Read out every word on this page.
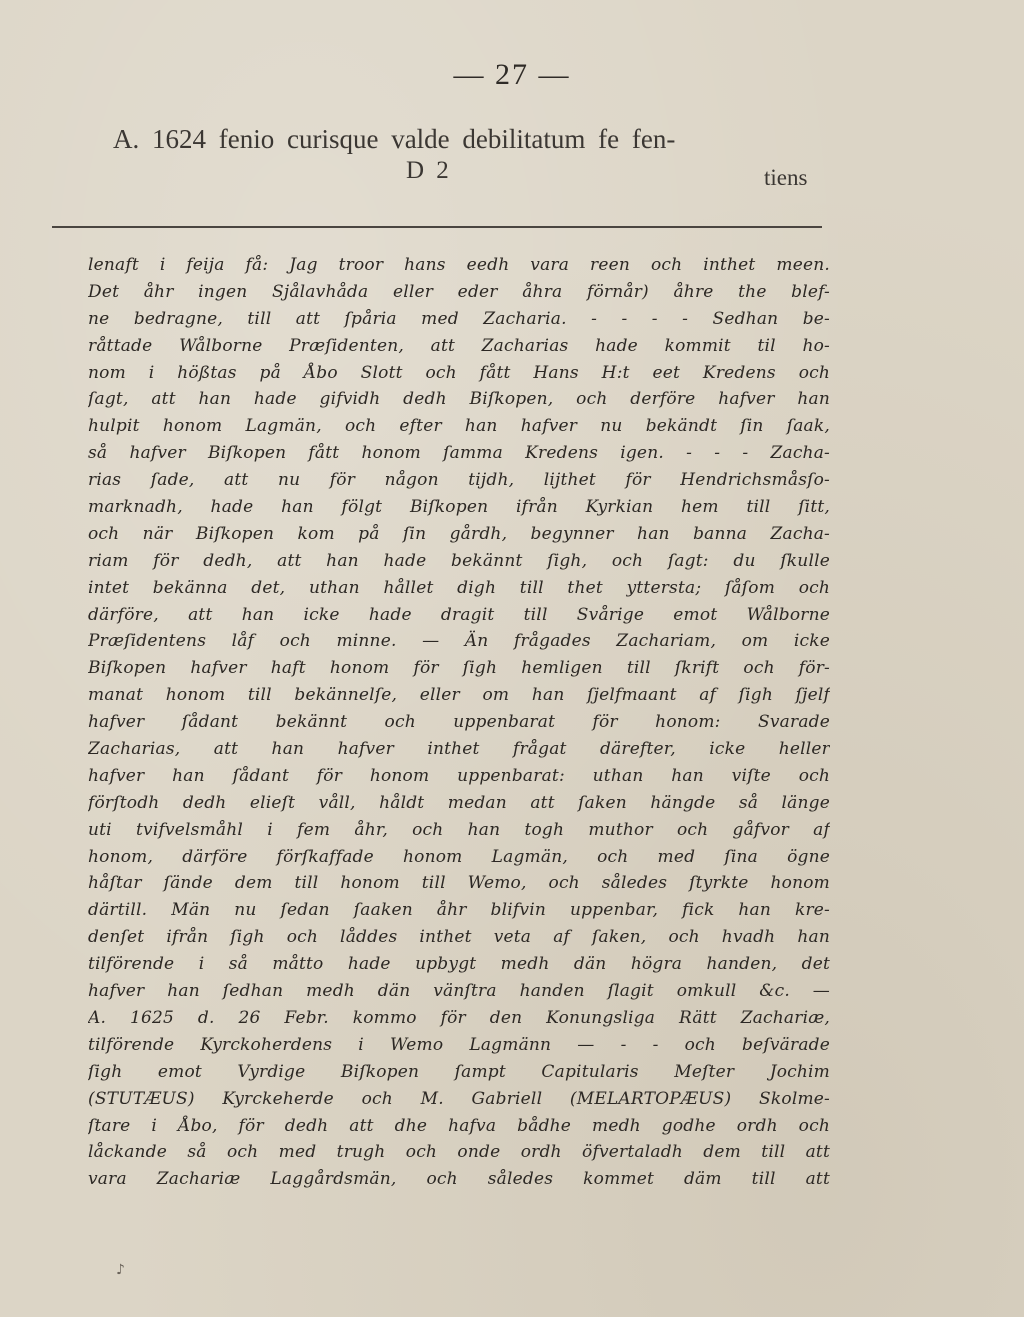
— 27 —
A. 1624 fenio curisque valde debilitatum fe fen-
D 2	tiens
lenaft i feija få: Jag troor hans eedh vara reen och inthet meen.
Det åhr ingen Sjålavhåda eller eder åhra förnår) åhre the blef-
ne bedragne, till att ſpåria med Zacharia. - - - - Sedhan be-
råttade Wålborne Præſidenten, att Zacharias hade kommit til ho-
nom i hößtas på Åbo Slott och fått Hans H:t eet Kredens och
ſagt, att han hade gifvidh dedh Biſkopen, och derföre hafver han
hulpit honom Lagmän, och efter han hafver nu bekändt ſin ſaak,
så hafver Biſkopen fått honom ſamma Kredens igen. - - - Zacha-
rias ſade, att nu för någon tijdh, lijthet för Hendrichsmåsſo-
marknadh, hade han fölgt Biſkopen ifrån Kyrkian hem till ſitt,
och när Biſkopen kom på ſin gårdh, begynner han banna Zacha-
riam för dedh, att han hade bekännt ſigh, och ſagt: du ſkulle
intet bekänna det, uthan hållet digh till thet yttersta; ſåſom och
därföre, att han icke hade dragit till Svårige emot Wålborne
Præſidentens låf och minne. — Än frågades Zachariam, om icke
Biſkopen hafver haft honom för ſigh hemligen till ſkrift och för-
manat honom till bekännelſe, eller om han ſjelfmaant af ſigh ſjelf
hafver ſådant bekännt och uppenbarat för honom: Svarade
Zacharias, att han hafver inthet frågat därefter, icke heller
hafver han ſådant för honom uppenbarat: uthan han viſte och
förſtodh dedh elieſt våll, håldt medan att ſaken hängde så länge
uti tvifvelsmåhl i fem åhr, och han togh muthor och gåfvor af
honom, därföre förſkaffade honom Lagmän, och med ſina ögne
håſtar ſände dem till honom till Wemo, och således ſtyrkte honom
därtill. Män nu ſedan ſaaken åhr blifvin uppenbar, fick han kre-
denſet ifrån ſigh och låddes inthet veta af ſaken, och hvadh han
tilförende i så måtto hade upbygt medh dän högra handen, det
hafver han ſedhan medh dän vänſtra handen ſlagit omkull &c. —
A. 1625 d. 26 Febr. kommo för den Konungsliga Rätt Zachariæ,
tilförende Kyrckoherdens i Wemo Lagmänn — - - och beſvärade
ſigh emot Vyrdige Biſkopen ſampt Capitularis Meſter Jochim
(STUTÆUS) Kyrckeherde och M. Gabriell (MELARTOPÆUS) Skolme-
ſtare i Åbo, för dedh att dhe hafva bådhe medh godhe ordh och
låckande så och med trugh och onde ordh öfvertaladh dem till att
vara Zachariæ Laggårdsmän, och således kommet däm till att
♪
